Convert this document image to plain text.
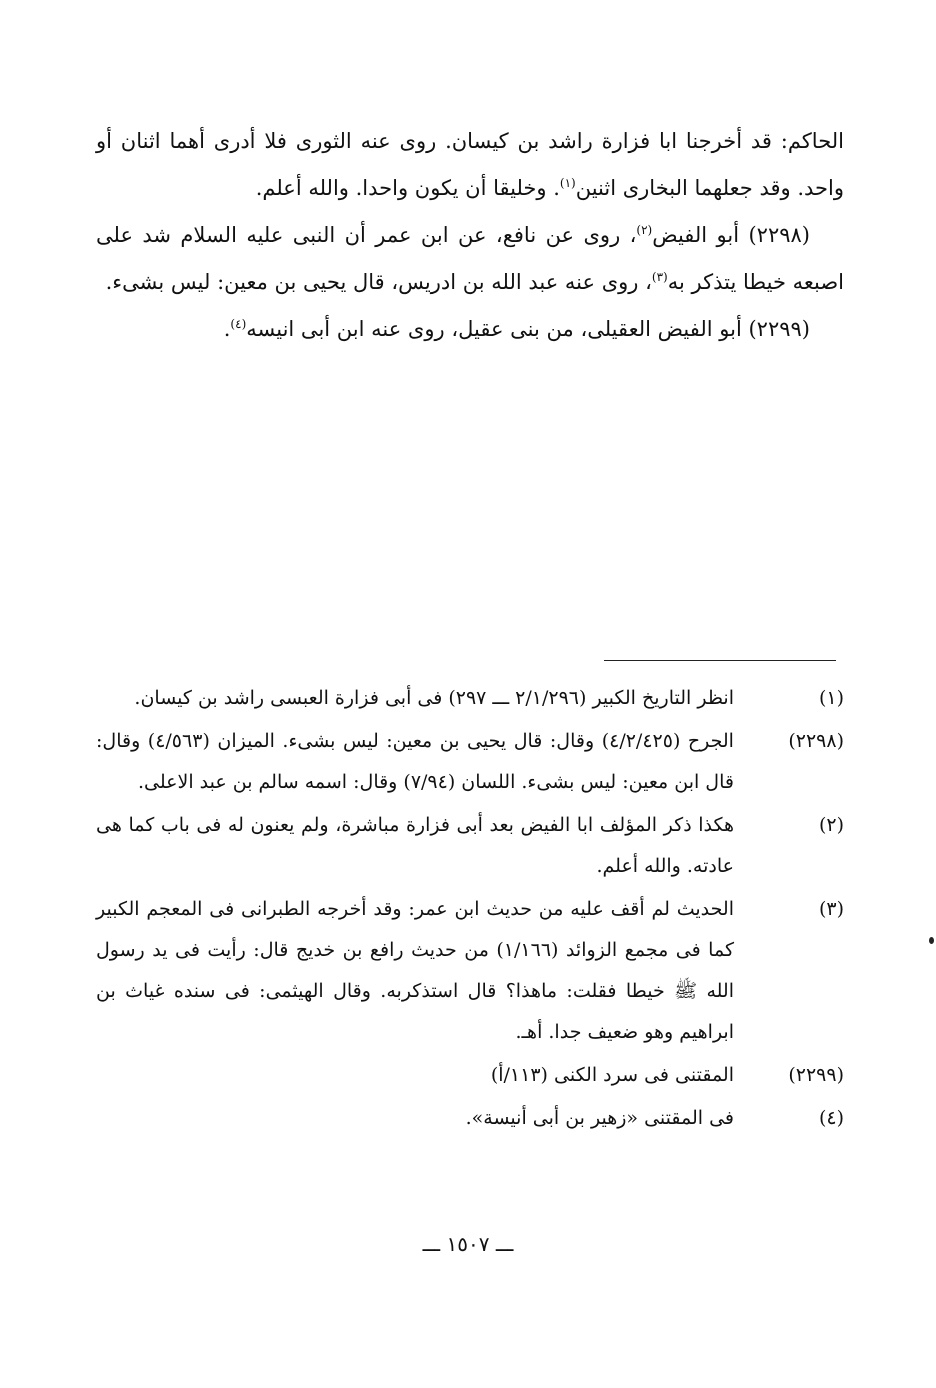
الحاكم: قد أخرجنا ابا فزارة راشد بن كيسان. روى عنه الثورى فلا أدرى أهما اثنان أو واحد. وقد جعلهما البخارى اثنين$^{(١)}$. وخليقا أن يكون واحدا. والله أعلم.

(٢٢٩٨) أبو الفيض$^{(٢)}$، روى عن نافع، عن ابن عمر أن النبى عليه السلام شد على اصبعه خيطا يتذكر به$^{(٣)}$، روى عنه عبد الله بن ادريس، قال يحيى بن معين: ليس بشىء.

(٢٢٩٩) أبو الفيض العقيلى، من بنى عقيل، روى عنه ابن أبى انيسه$^{(٤)}$.

(١)
انظر التاريخ الكبير (٢/١/٢٩٦ ـــ ٢٩٧) فى أبى فزارة العبسى راشد بن كيسان.
(٢٢٩٨)
الجرح (٤/٢/٤٢٥) وقال: قال يحيى بن معين: ليس بشىء. الميزان (٤/٥٦٣) وقال: قال ابن معين: ليس بشىء. اللسان (٧/٩٤) وقال: اسمه سالم بن عبد الاعلى.
(٢)
هكذا ذكر المؤلف ابا الفيض بعد أبى فزارة مباشرة، ولم يعنون له فى باب كما هى عادته. والله أعلم.
(٣)
الحديث لم أقف عليه من حديث ابن عمر: وقد أخرجه الطبرانى فى المعجم الكبير كما فى مجمع الزوائد (١/١٦٦) من حديث رافع بن خديج قال: رأيت فى يد رسول الله ﷺ خيطا فقلت: ماهذا؟ قال استذكربه. وقال الهيثمى: فى سنده غياث بن ابراهيم وهو ضعيف جدا. أهـ.
(٢٢٩٩)
المقتنى فى سرد الكنى (١١٣/أ)
(٤)
فى المقتنى «زهير بن أبى أنيسة».
ـــ ١٥٠٧ ـــ
